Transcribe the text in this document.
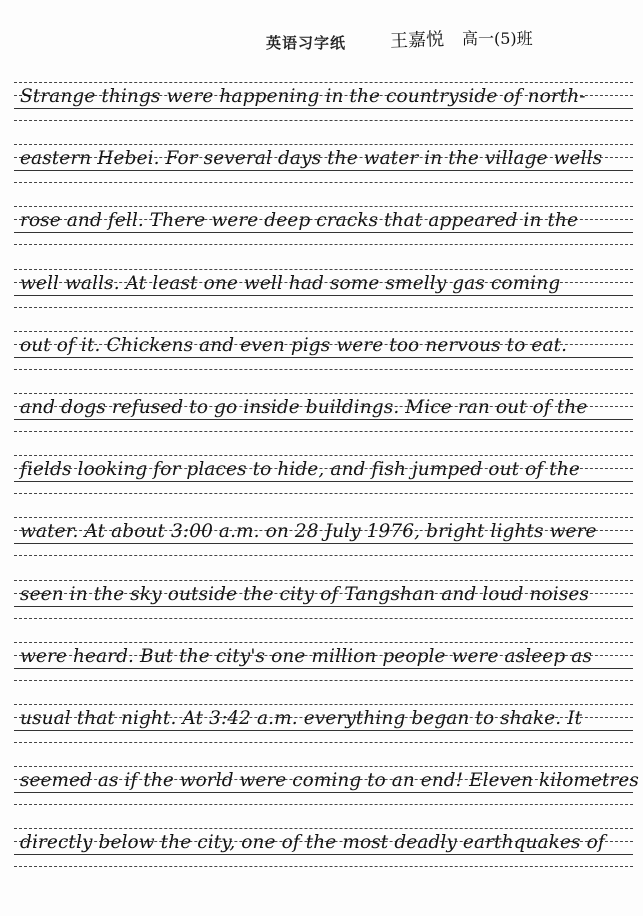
英语习字纸 王嘉悦 高一(5)班
Strange things were happening in the countryside of north-
eastern Hebei. For several days the water in the village wells
rose and fell. There were deep cracks that appeared in the
well walls. At least one well had some smelly gas coming
out of it. Chickens and even pigs were too nervous to eat.
and dogs refused to go inside buildings. Mice ran out of the
fields looking for places to hide, and fish jumped out of the
water. At about 3:00 a.m. on 28 July 1976, bright lights were
seen in the sky outside the city of Tangshan and loud noises
were heard. But the city's one million people were asleep as
usual that night. At 3:42 a.m. everything began to shake. It
seemed as if the world were coming to an end! Eleven kilometres
directly below the city, one of the most deadly earthquakes of
